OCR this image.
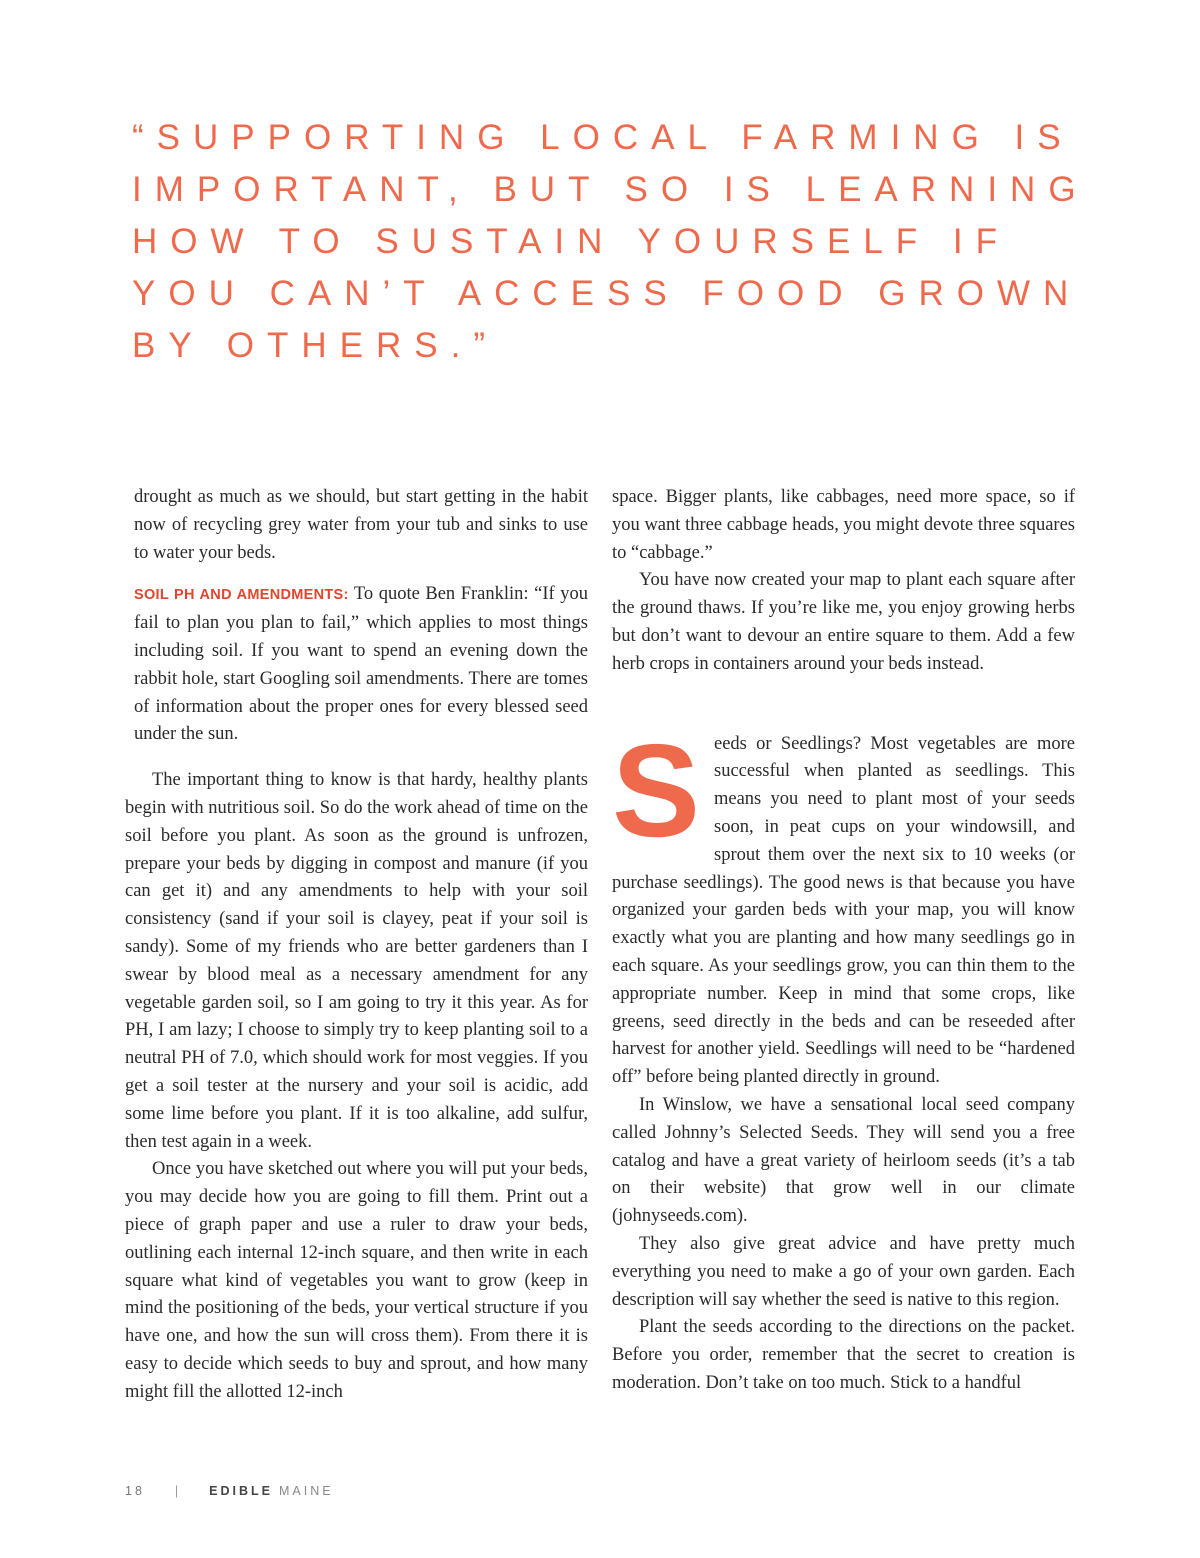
“SUPPORTING LOCAL FARMING IS IMPORTANT, BUT SO IS LEARNING HOW TO SUSTAIN YOURSELF IF YOU CAN’T ACCESS FOOD GROWN BY OTHERS.”

drought as much as we should, but start getting in the habit now of recycling grey water from your tub and sinks to use to water your beds.

SOIL PH AND AMENDMENTS: To quote Ben Franklin: “If you fail to plan you plan to fail,” which applies to most things including soil. If you want to spend an evening down the rabbit hole, start Googling soil amendments. There are tomes of information about the proper ones for every blessed seed under the sun.

The important thing to know is that hardy, healthy plants begin with nutritious soil. So do the work ahead of time on the soil before you plant. As soon as the ground is unfrozen, prepare your beds by digging in compost and manure (if you can get it) and any amendments to help with your soil consistency (sand if your soil is clayey, peat if your soil is sandy). Some of my friends who are better gardeners than I swear by blood meal as a necessary amendment for any vegetable garden soil, so I am going to try it this year. As for PH, I am lazy; I choose to simply try to keep planting soil to a neutral PH of 7.0, which should work for most veggies. If you get a soil tester at the nursery and your soil is acidic, add some lime before you plant. If it is too alkaline, add sulfur, then test again in a week.

Once you have sketched out where you will put your beds, you may decide how you are going to fill them. Print out a piece of graph paper and use a ruler to draw your beds, outlining each internal 12-inch square, and then write in each square what kind of vegetables you want to grow (keep in mind the positioning of the beds, your vertical structure if you have one, and how the sun will cross them). From there it is easy to decide which seeds to buy and sprout, and how many might fill the allotted 12-inch

space. Bigger plants, like cabbages, need more space, so if you want three cabbage heads, you might devote three squares to “cabbage.”

You have now created your map to plant each square after the ground thaws. If you’re like me, you enjoy growing herbs but don’t want to devour an entire square to them. Add a few herb crops in containers around your beds instead.

Seeds or Seedlings? Most vegetables are more successful when planted as seedlings. This means you need to plant most of your seeds soon, in peat cups on your windowsill, and sprout them over the next six to 10 weeks (or purchase seedlings). The good news is that because you have organized your garden beds with your map, you will know exactly what you are planting and how many seedlings go in each square. As your seedlings grow, you can thin them to the appropriate number. Keep in mind that some crops, like greens, seed directly in the beds and can be reseeded after harvest for another yield. Seedlings will need to be “hardened off” before being planted directly in ground.

In Winslow, we have a sensational local seed company called Johnny’s Selected Seeds. They will send you a free catalog and have a great variety of heirloom seeds (it’s a tab on their website) that grow well in our climate (johnyseeds.com).

They also give great advice and have pretty much everything you need to make a go of your own garden. Each description will say whether the seed is native to this region.

Plant the seeds according to the directions on the packet. Before you order, remember that the secret to creation is moderation. Don’t take on too much. Stick to a handful

18 | EDIBLE MAINE
